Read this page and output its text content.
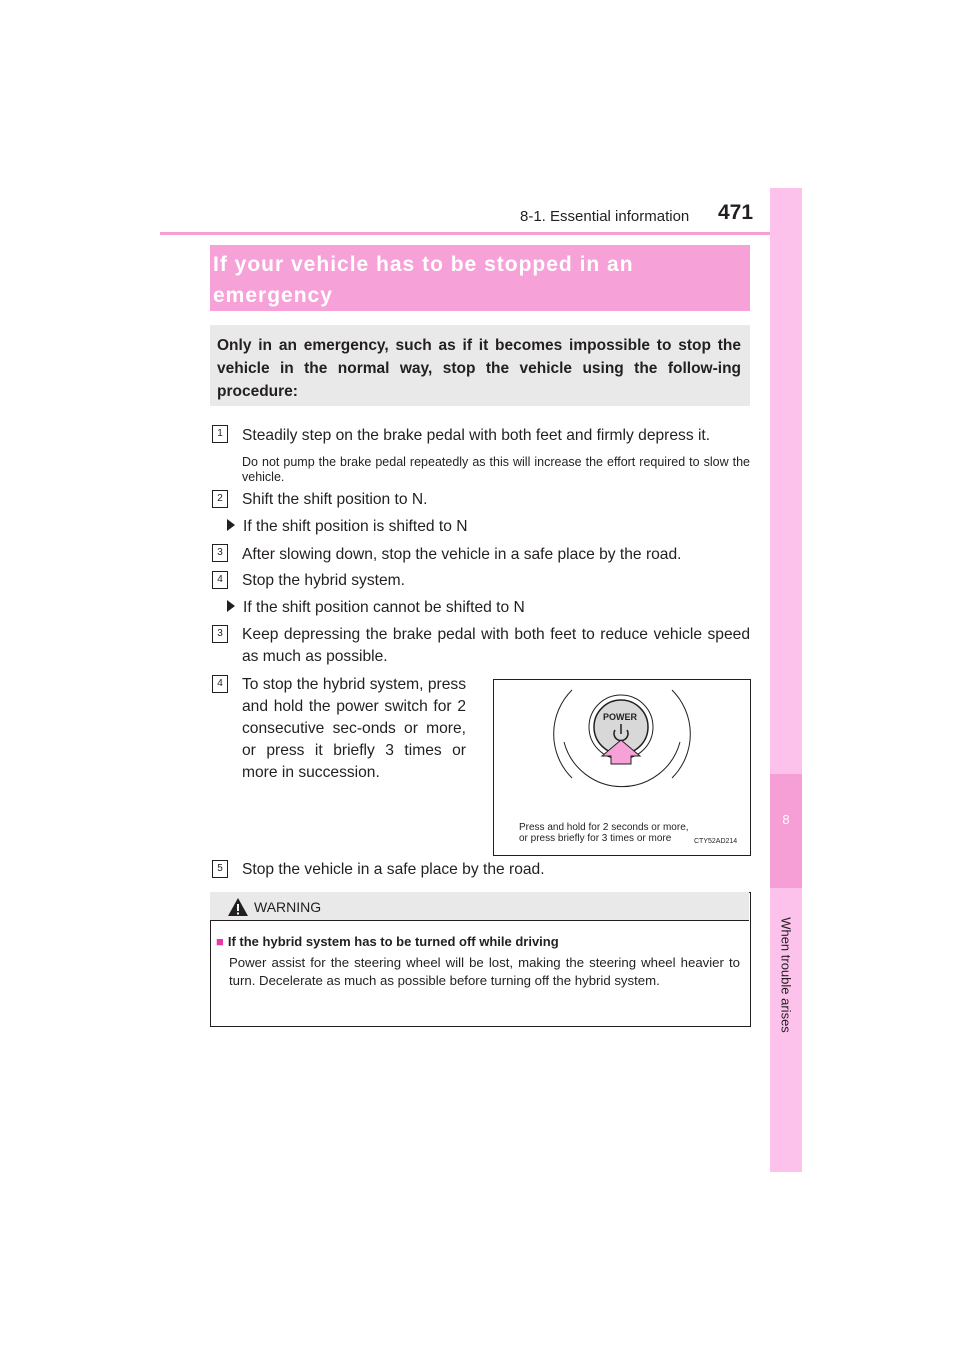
8-1. Essential information 471
8
When trouble arises
If your vehicle has to be stopped in an
emergency
Only in an emergency, such as if it becomes impossible to stop the vehicle in the normal way, stop the vehicle using the follow-ing procedure:
1	Steadily step on the brake pedal with both feet and firmly depress it.
Do not pump the brake pedal repeatedly as this will increase the effort required to slow the vehicle.
2	Shift the shift position to N.
If the shift position is shifted to N
3	After slowing down, stop the vehicle in a safe place by the road.
4	Stop the hybrid system.
If the shift position cannot be shifted to N
3	Keep depressing the brake pedal with both feet to reduce vehicle speed as much as possible.
4	To stop the hybrid system, press and hold the power switch for 2 consecutive sec-onds or more, or press it briefly 3 times or more in succession.
POWER
Press and hold for 2 seconds or more,
or press briefly for 3 times or more	CTY52AD214
5	Stop the vehicle in a safe place by the road.
WARNING
■ If the hybrid system has to be turned off while driving
Power assist for the steering wheel will be lost, making the steering wheel heavier to turn. Decelerate as much as possible before turning off the hybrid system.
